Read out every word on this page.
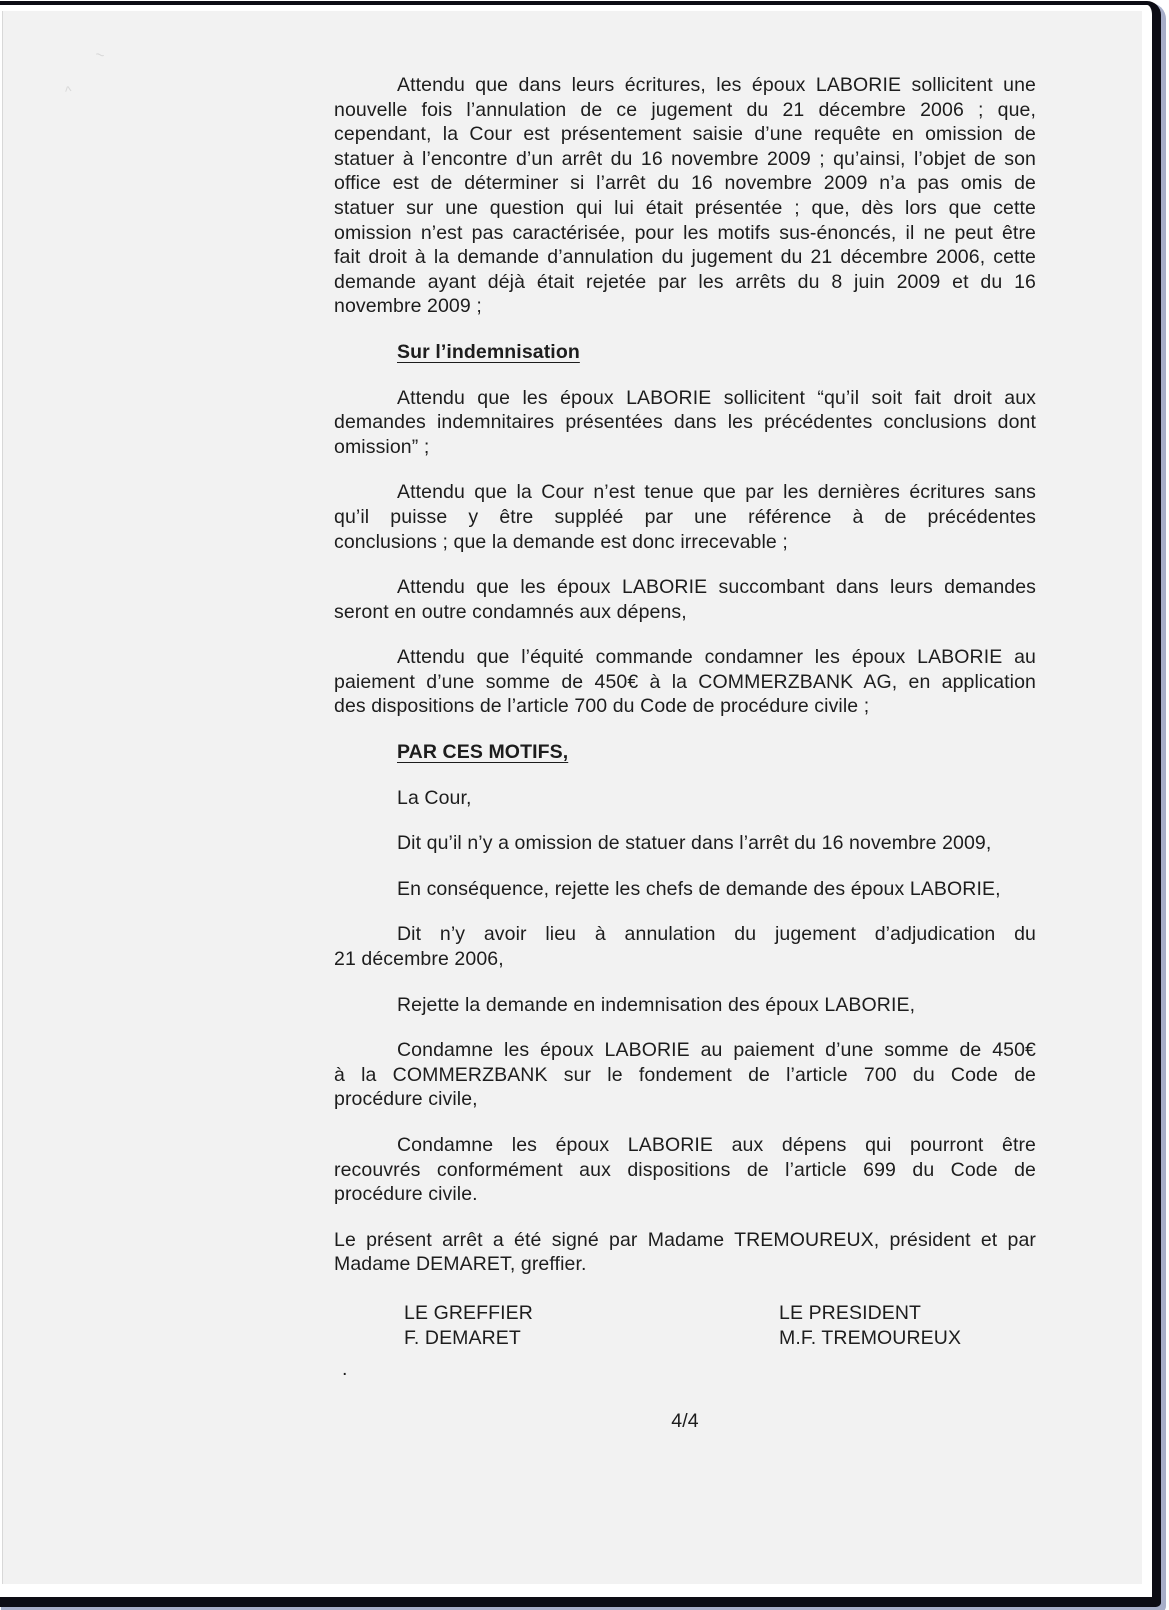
~
^	Attendu que dans leurs écritures, les époux LABORIE sollicitent une
nouvelle fois l’annulation de ce jugement du 21 décembre 2006 ; que,
cependant, la Cour est présentement saisie d’une requête en omission de
statuer à l’encontre d’un arrêt du 16 novembre 2009 ; qu’ainsi, l’objet de son
office est de déterminer si l’arrêt du 16 novembre 2009 n’a pas omis de
statuer sur une question qui lui était présentée ; que, dès lors que cette
omission n’est pas caractérisée, pour les motifs sus-énoncés, il ne peut être
fait droit à la demande d’annulation du jugement du 21 décembre 2006, cette
demande ayant déjà était rejetée par les arrêts du 8 juin 2009 et du 16
novembre 2009 ;
Sur l’indemnisation
Attendu que les époux LABORIE sollicitent “qu’il soit fait droit aux
demandes indemnitaires présentées dans les précédentes conclusions dont
omission” ;
Attendu que la Cour n’est tenue que par les dernières écritures sans
qu’il puisse y être suppléé par une référence à de précédentes
conclusions ; que la demande est donc irrecevable ;
Attendu que les époux LABORIE succombant dans leurs demandes
seront en outre condamnés aux dépens,
Attendu que l’équité commande condamner les époux LABORIE au
paiement d’une somme de 450€ à la COMMERZBANK AG, en application
des dispositions de l’article 700 du Code de procédure civile ;
PAR CES MOTIFS,
La Cour,
Dit qu’il n’y a omission de statuer dans l’arrêt du 16 novembre 2009,
En conséquence, rejette les chefs de demande des époux LABORIE,
Dit n’y avoir lieu à annulation du jugement d’adjudication du
21 décembre 2006,
Rejette la demande en indemnisation des époux LABORIE,
Condamne les époux LABORIE au paiement d’une somme de 450€
à la COMMERZBANK sur le fondement de l’article 700 du Code de
procédure civile,
Condamne les époux LABORIE aux dépens qui pourront être
recouvrés conformément aux dispositions de l’article 699 du Code de
procédure civile.
Le présent arrêt a été signé par Madame TREMOUREUX, président et par
Madame DEMARET, greffier.
LE GREFFIER
F. DEMARET
LE PRESIDENT
M.F. TREMOUREUX
.
4/4
